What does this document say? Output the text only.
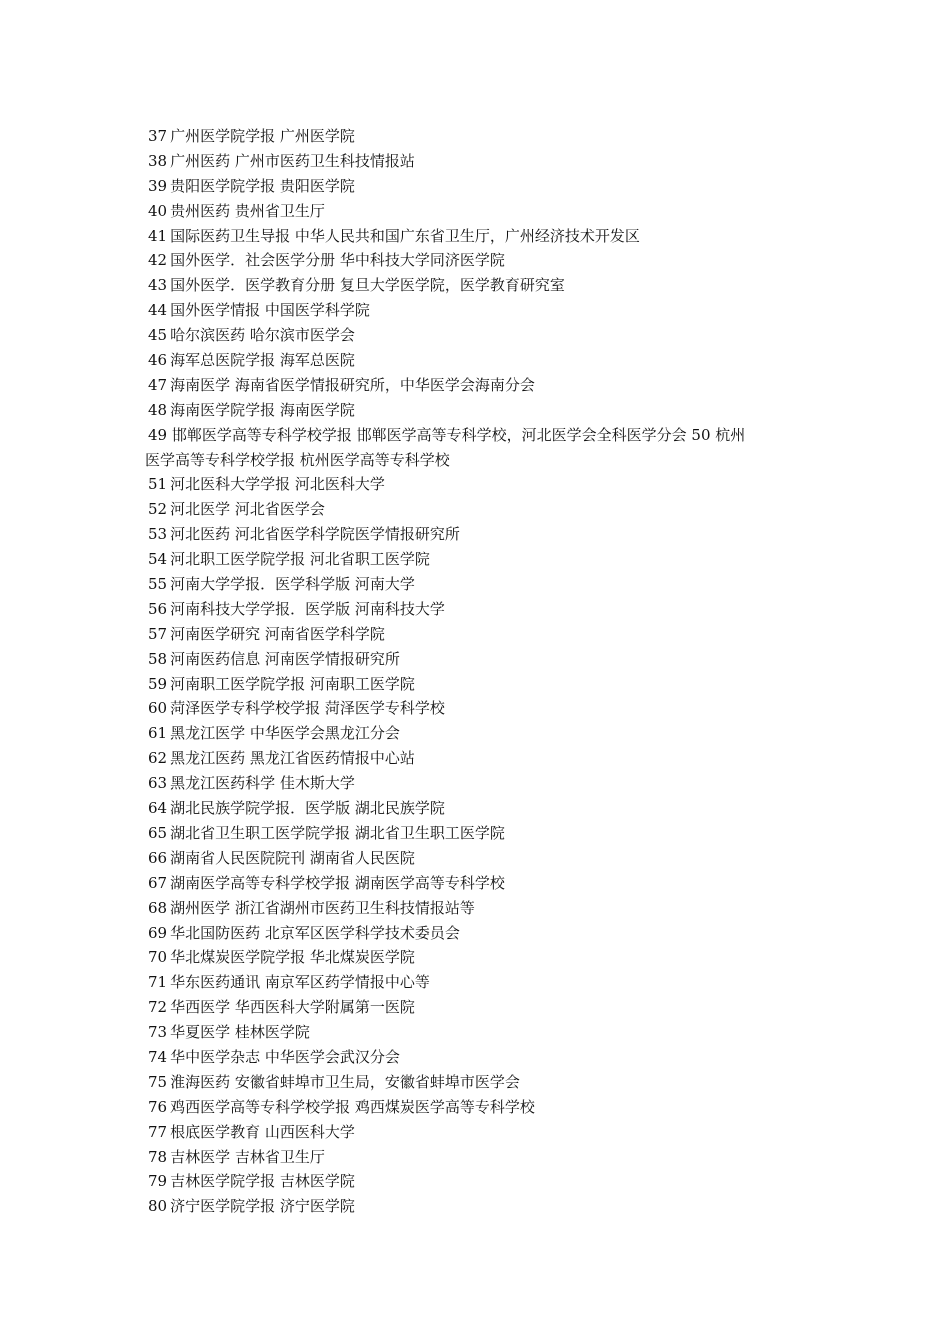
37 广州医学院学报 广州医学院
38 广州医药 广州市医药卫生科技情报站
39 贵阳医学院学报 贵阳医学院
40 贵州医药 贵州省卫生厅
41 国际医药卫生导报 中华人民共和国广东省卫生厅，广州经济技术开发区
42 国外医学．社会医学分册 华中科技大学同济医学院
43 国外医学．医学教育分册 复旦大学医学院，医学教育研究室
44 国外医学情报 中国医学科学院
45 哈尔滨医药 哈尔滨市医学会
46 海军总医院学报 海军总医院
47 海南医学 海南省医学情报研究所，中华医学会海南分会
48 海南医学院学报 海南医学院
49 邯郸医学高等专科学校学报 邯郸医学高等专科学校，河北医学会全科医学分会 50 杭州
医学高等专科学校学报 杭州医学高等专科学校
51 河北医科大学学报 河北医科大学
52 河北医学 河北省医学会
53 河北医药 河北省医学科学院医学情报研究所
54 河北职工医学院学报 河北省职工医学院
55 河南大学学报．医学科学版 河南大学
56 河南科技大学学报．医学版 河南科技大学
57 河南医学研究 河南省医学科学院
58 河南医药信息 河南医学情报研究所
59 河南职工医学院学报 河南职工医学院
60 菏泽医学专科学校学报 菏泽医学专科学校
61 黑龙江医学 中华医学会黑龙江分会
62 黑龙江医药 黑龙江省医药情报中心站
63 黑龙江医药科学 佳木斯大学
64 湖北民族学院学报．医学版 湖北民族学院
65 湖北省卫生职工医学院学报 湖北省卫生职工医学院
66 湖南省人民医院院刊 湖南省人民医院
67 湖南医学高等专科学校学报 湖南医学高等专科学校
68 湖州医学 浙江省湖州市医药卫生科技情报站等
69 华北国防医药 北京军区医学科学技术委员会
70 华北煤炭医学院学报 华北煤炭医学院
71 华东医药通讯 南京军区药学情报中心等
72 华西医学 华西医科大学附属第一医院
73 华夏医学 桂林医学院
74 华中医学杂志 中华医学会武汉分会
75 淮海医药 安徽省蚌埠市卫生局，安徽省蚌埠市医学会
76 鸡西医学高等专科学校学报 鸡西煤炭医学高等专科学校
77 根底医学教育 山西医科大学
78 吉林医学 吉林省卫生厅
79 吉林医学院学报 吉林医学院
80 济宁医学院学报 济宁医学院
